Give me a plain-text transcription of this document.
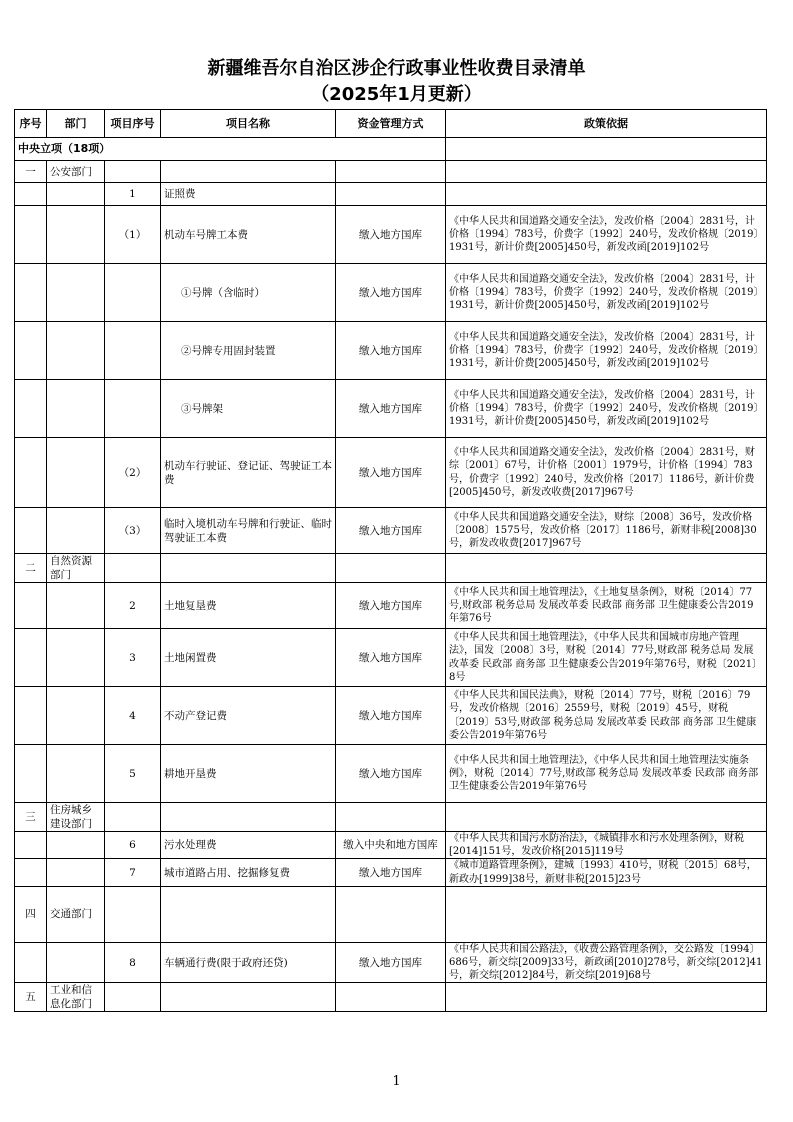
新疆维吾尔自治区涉企行政事业性收费目录清单
（2025年1月更新）
序号	部门	项目序号	项目名称	资金管理方式	政策依据
中央立项（18项）					
一	公安部门				
		1	证照费		
		（1）	机动车号牌工本费	缴入地方国库	《中华人民共和国道路交通安全法》，发改价格〔2004〕2831号，计价格〔1994〕783号，价费字〔1992〕240号，发改价格规〔2019〕1931号，新计价费[2005]450号，新发改函[2019]102号
			①号牌（含临时）	缴入地方国库	《中华人民共和国道路交通安全法》，发改价格〔2004〕2831号，计价格〔1994〕783号，价费字〔1992〕240号，发改价格规〔2019〕1931号，新计价费[2005]450号，新发改函[2019]102号
			②号牌专用固封装置	缴入地方国库	《中华人民共和国道路交通安全法》，发改价格〔2004〕2831号，计价格〔1994〕783号，价费字〔1992〕240号，发改价格规〔2019〕1931号，新计价费[2005]450号，新发改函[2019]102号
			③号牌架	缴入地方国库	《中华人民共和国道路交通安全法》，发改价格〔2004〕2831号，计价格〔1994〕783号，价费字〔1992〕240号，发改价格规〔2019〕1931号，新计价费[2005]450号，新发改函[2019]102号
		（2）	机动车行驶证、登记证、驾驶证工本费	缴入地方国库	《中华人民共和国道路交通安全法》，发改价格〔2004〕2831号，财综〔2001〕67号，计价格〔2001〕1979号，计价格〔1994〕783号，价费字〔1992〕240号，发改价格〔2017〕1186号，新计价费[2005]450号，新发改收费[2017]967号
		（3）	临时入境机动车号牌和行驶证、临时驾驶证工本费	缴入地方国库	《中华人民共和国道路交通安全法》，财综〔2008〕36号，发改价格〔2008〕1575号，发改价格〔2017〕1186号，新财非税[2008]30号，新发改收费[2017]967号
二	自然资源部门				
		2	土地复垦费	缴入地方国库	《中华人民共和国土地管理法》，《土地复垦条例》，财税〔2014〕77号,财政部 税务总局 发展改革委 民政部 商务部 卫生健康委公告2019年第76号
		3	土地闲置费	缴入地方国库	《中华人民共和国土地管理法》，《中华人民共和国城市房地产管理法》，国发〔2008〕3号，财税〔2014〕77号,财政部 税务总局 发展改革委 民政部 商务部 卫生健康委公告2019年第76号，财税〔2021〕8号
		4	不动产登记费	缴入地方国库	《中华人民共和国民法典》，财税〔2014〕77号，财税〔2016〕79号，发改价格规〔2016〕2559号，财税〔2019〕45号，财税〔2019〕53号,财政部 税务总局 发展改革委 民政部 商务部 卫生健康委公告2019年第76号
		5	耕地开垦费	缴入地方国库	《中华人民共和国土地管理法》，《中华人民共和国土地管理法实施条例》，财税〔2014〕77号,财政部 税务总局 发展改革委 民政部 商务部 卫生健康委公告2019年第76号
三	住房城乡建设部门				
		6	污水处理费	缴入中央和地方国库	《中华人民共和国污水防治法》，《城镇排水和污水处理条例》，财税[2014]151号，发改价格[2015]119号
		7	城市道路占用、挖掘修复费	缴入地方国库	《城市道路管理条例》，建城〔1993〕410号，财税〔2015〕68号，新政办[1999]38号，新财非税[2015]23号
四	交通部门				
		8	车辆通行费(限于政府还贷)	缴入地方国库	《中华人民共和国公路法》，《收费公路管理条例》，交公路发〔1994〕686号，新交综[2009]33号，新政函[2010]278号，新交综[2012]41号，新交综[2012]84号，新交综[2019]68号
五	工业和信息化部门				
1
